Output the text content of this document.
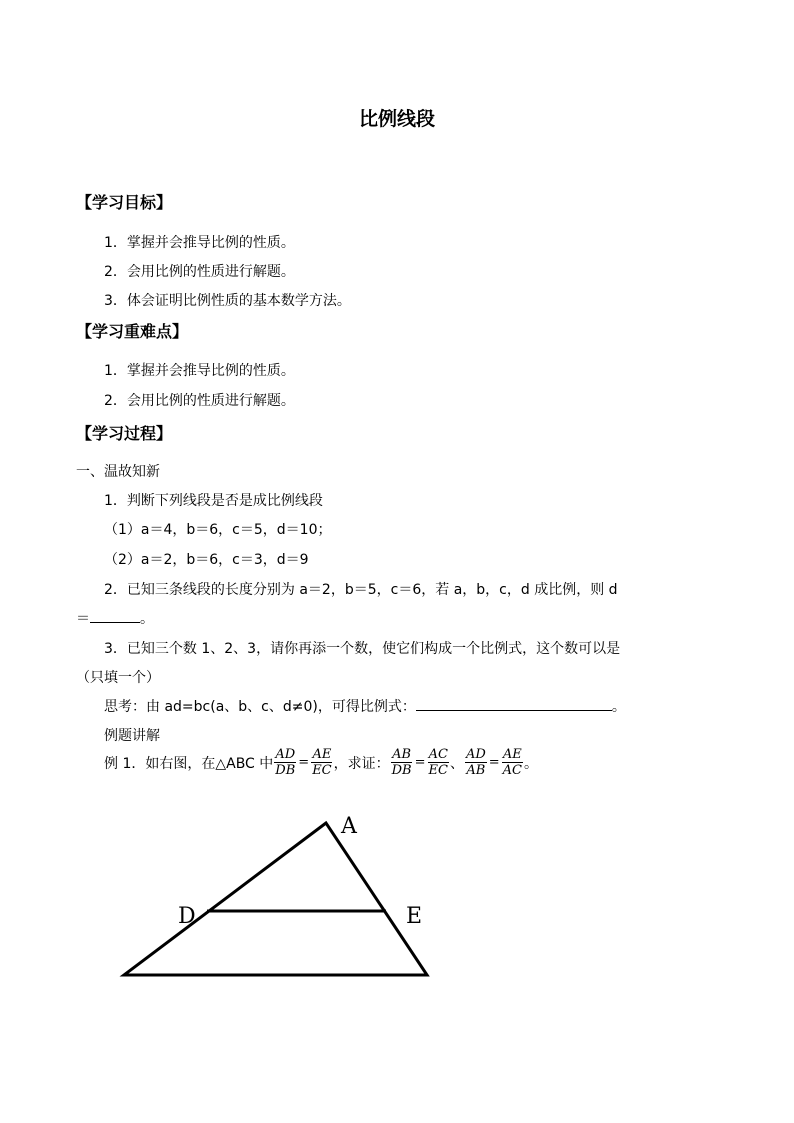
比例线段
【学习目标】
1．掌握并会推导比例的性质。
2．会用比例的性质进行解题。
3．体会证明比例性质的基本数学方法。
【学习重难点】
1．掌握并会推导比例的性质。
2．会用比例的性质进行解题。
【学习过程】
一、温故知新
1．判断下列线段是否是成比例线段
（1）a＝4，b＝6，c＝5，d＝10；
（2）a＝2，b＝6，c＝3，d＝9
2．已知三条线段的长度分别为 a＝2，b＝5，c＝6，若 a，b，c，d 成比例，则 d
＝	。
3．已知三个数 1、2、3，请你再添一个数，使它们构成一个比例式，这个数可以是
（只填一个）
思考：由 ad=bc(a、b、c、d≠0)，可得比例式：	。
例题讲解
例 1．如右图，在△ABC 中 $\frac{AD}{DB} = \frac{AE}{EC}$ ，求证： $\frac{AB}{DB} = \frac{AC}{EC}$ 、 $\frac{AD}{AB} = \frac{AE}{AC}$ 。
A
D	E
